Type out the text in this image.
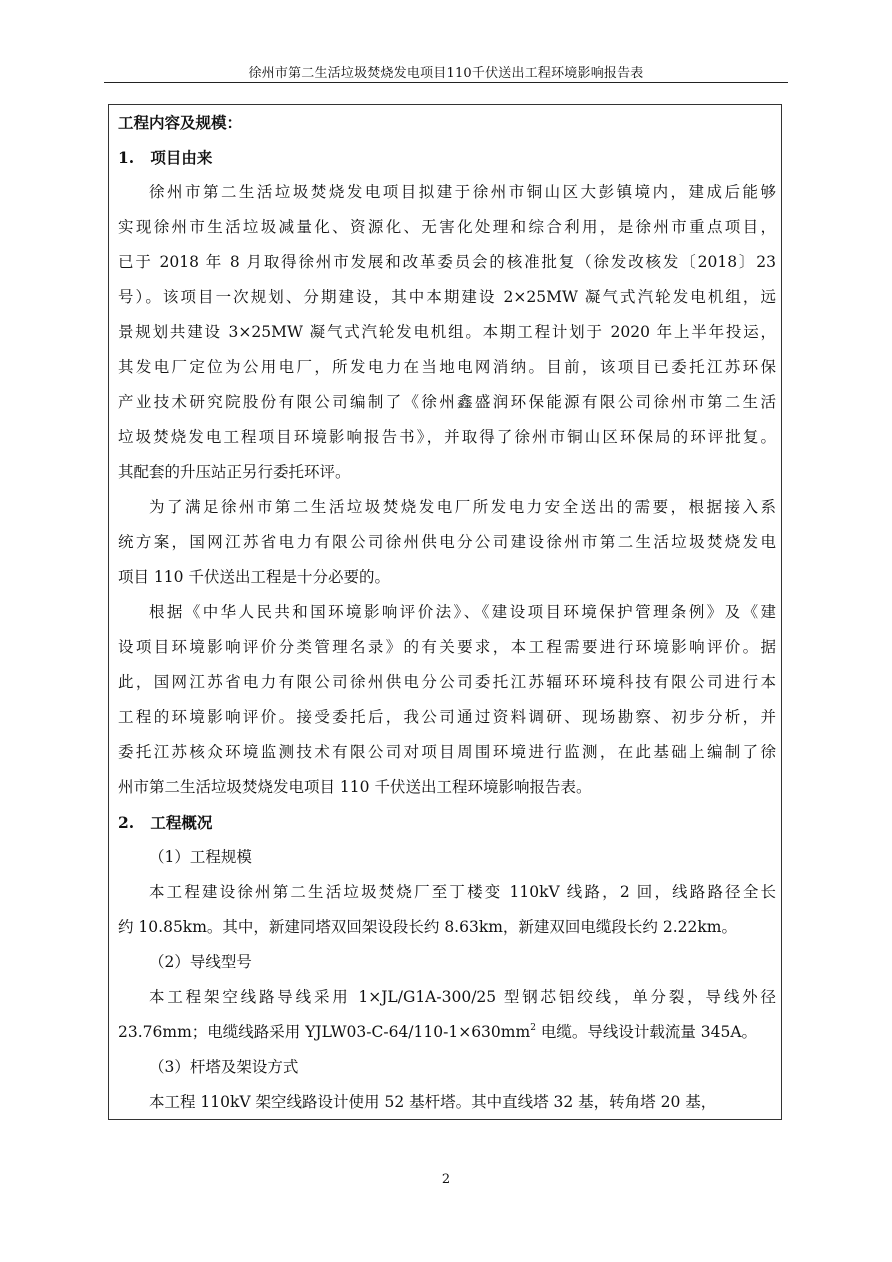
徐州市第二生活垃圾焚烧发电项目110千伏送出工程环境影响报告表
工程内容及规模：
1. 项目由来
徐州市第二生活垃圾焚烧发电项目拟建于徐州市铜山区大彭镇境内，建成后能够
实现徐州市生活垃圾减量化、资源化、无害化处理和综合利用，是徐州市重点项目，
已于 2018 年 8 月取得徐州市发展和改革委员会的核准批复（徐发改核发〔2018〕23
号）。该项目一次规划、分期建设，其中本期建设 2×25MW 凝气式汽轮发电机组，远
景规划共建设 3×25MW 凝气式汽轮发电机组。本期工程计划于 2020 年上半年投运，
其发电厂定位为公用电厂，所发电力在当地电网消纳。目前，该项目已委托江苏环保
产业技术研究院股份有限公司编制了《徐州鑫盛润环保能源有限公司徐州市第二生活
垃圾焚烧发电工程项目环境影响报告书》，并取得了徐州市铜山区环保局的环评批复。
其配套的升压站正另行委托环评。
为了满足徐州市第二生活垃圾焚烧发电厂所发电力安全送出的需要，根据接入系
统方案，国网江苏省电力有限公司徐州供电分公司建设徐州市第二生活垃圾焚烧发电
项目 110 千伏送出工程是十分必要的。
根据《中华人民共和国环境影响评价法》、《建设项目环境保护管理条例》及《建
设项目环境影响评价分类管理名录》的有关要求，本工程需要进行环境影响评价。据
此，国网江苏省电力有限公司徐州供电分公司委托江苏辐环环境科技有限公司进行本
工程的环境影响评价。接受委托后，我公司通过资料调研、现场勘察、初步分析，并
委托江苏核众环境监测技术有限公司对项目周围环境进行监测，在此基础上编制了徐
州市第二生活垃圾焚烧发电项目 110 千伏送出工程环境影响报告表。
2. 工程概况
（1）工程规模
本工程建设徐州第二生活垃圾焚烧厂至丁楼变 110kV 线路，2 回，线路路径全长
约 10.85km。其中，新建同塔双回架设段长约 8.63km，新建双回电缆段长约 2.22km。
（2）导线型号
本工程架空线路导线采用 1×JL/G1A-300/25 型钢芯铝绞线，单分裂，导线外径
23.76mm；电缆线路采用 $YJLW03-C-64/110-1\times 630mm^2$ 电缆。导线设计载流量 345A。
（3）杆塔及架设方式
本工程 110kV 架空线路设计使用 52 基杆塔。其中直线塔 32 基，转角塔 20 基，
2
